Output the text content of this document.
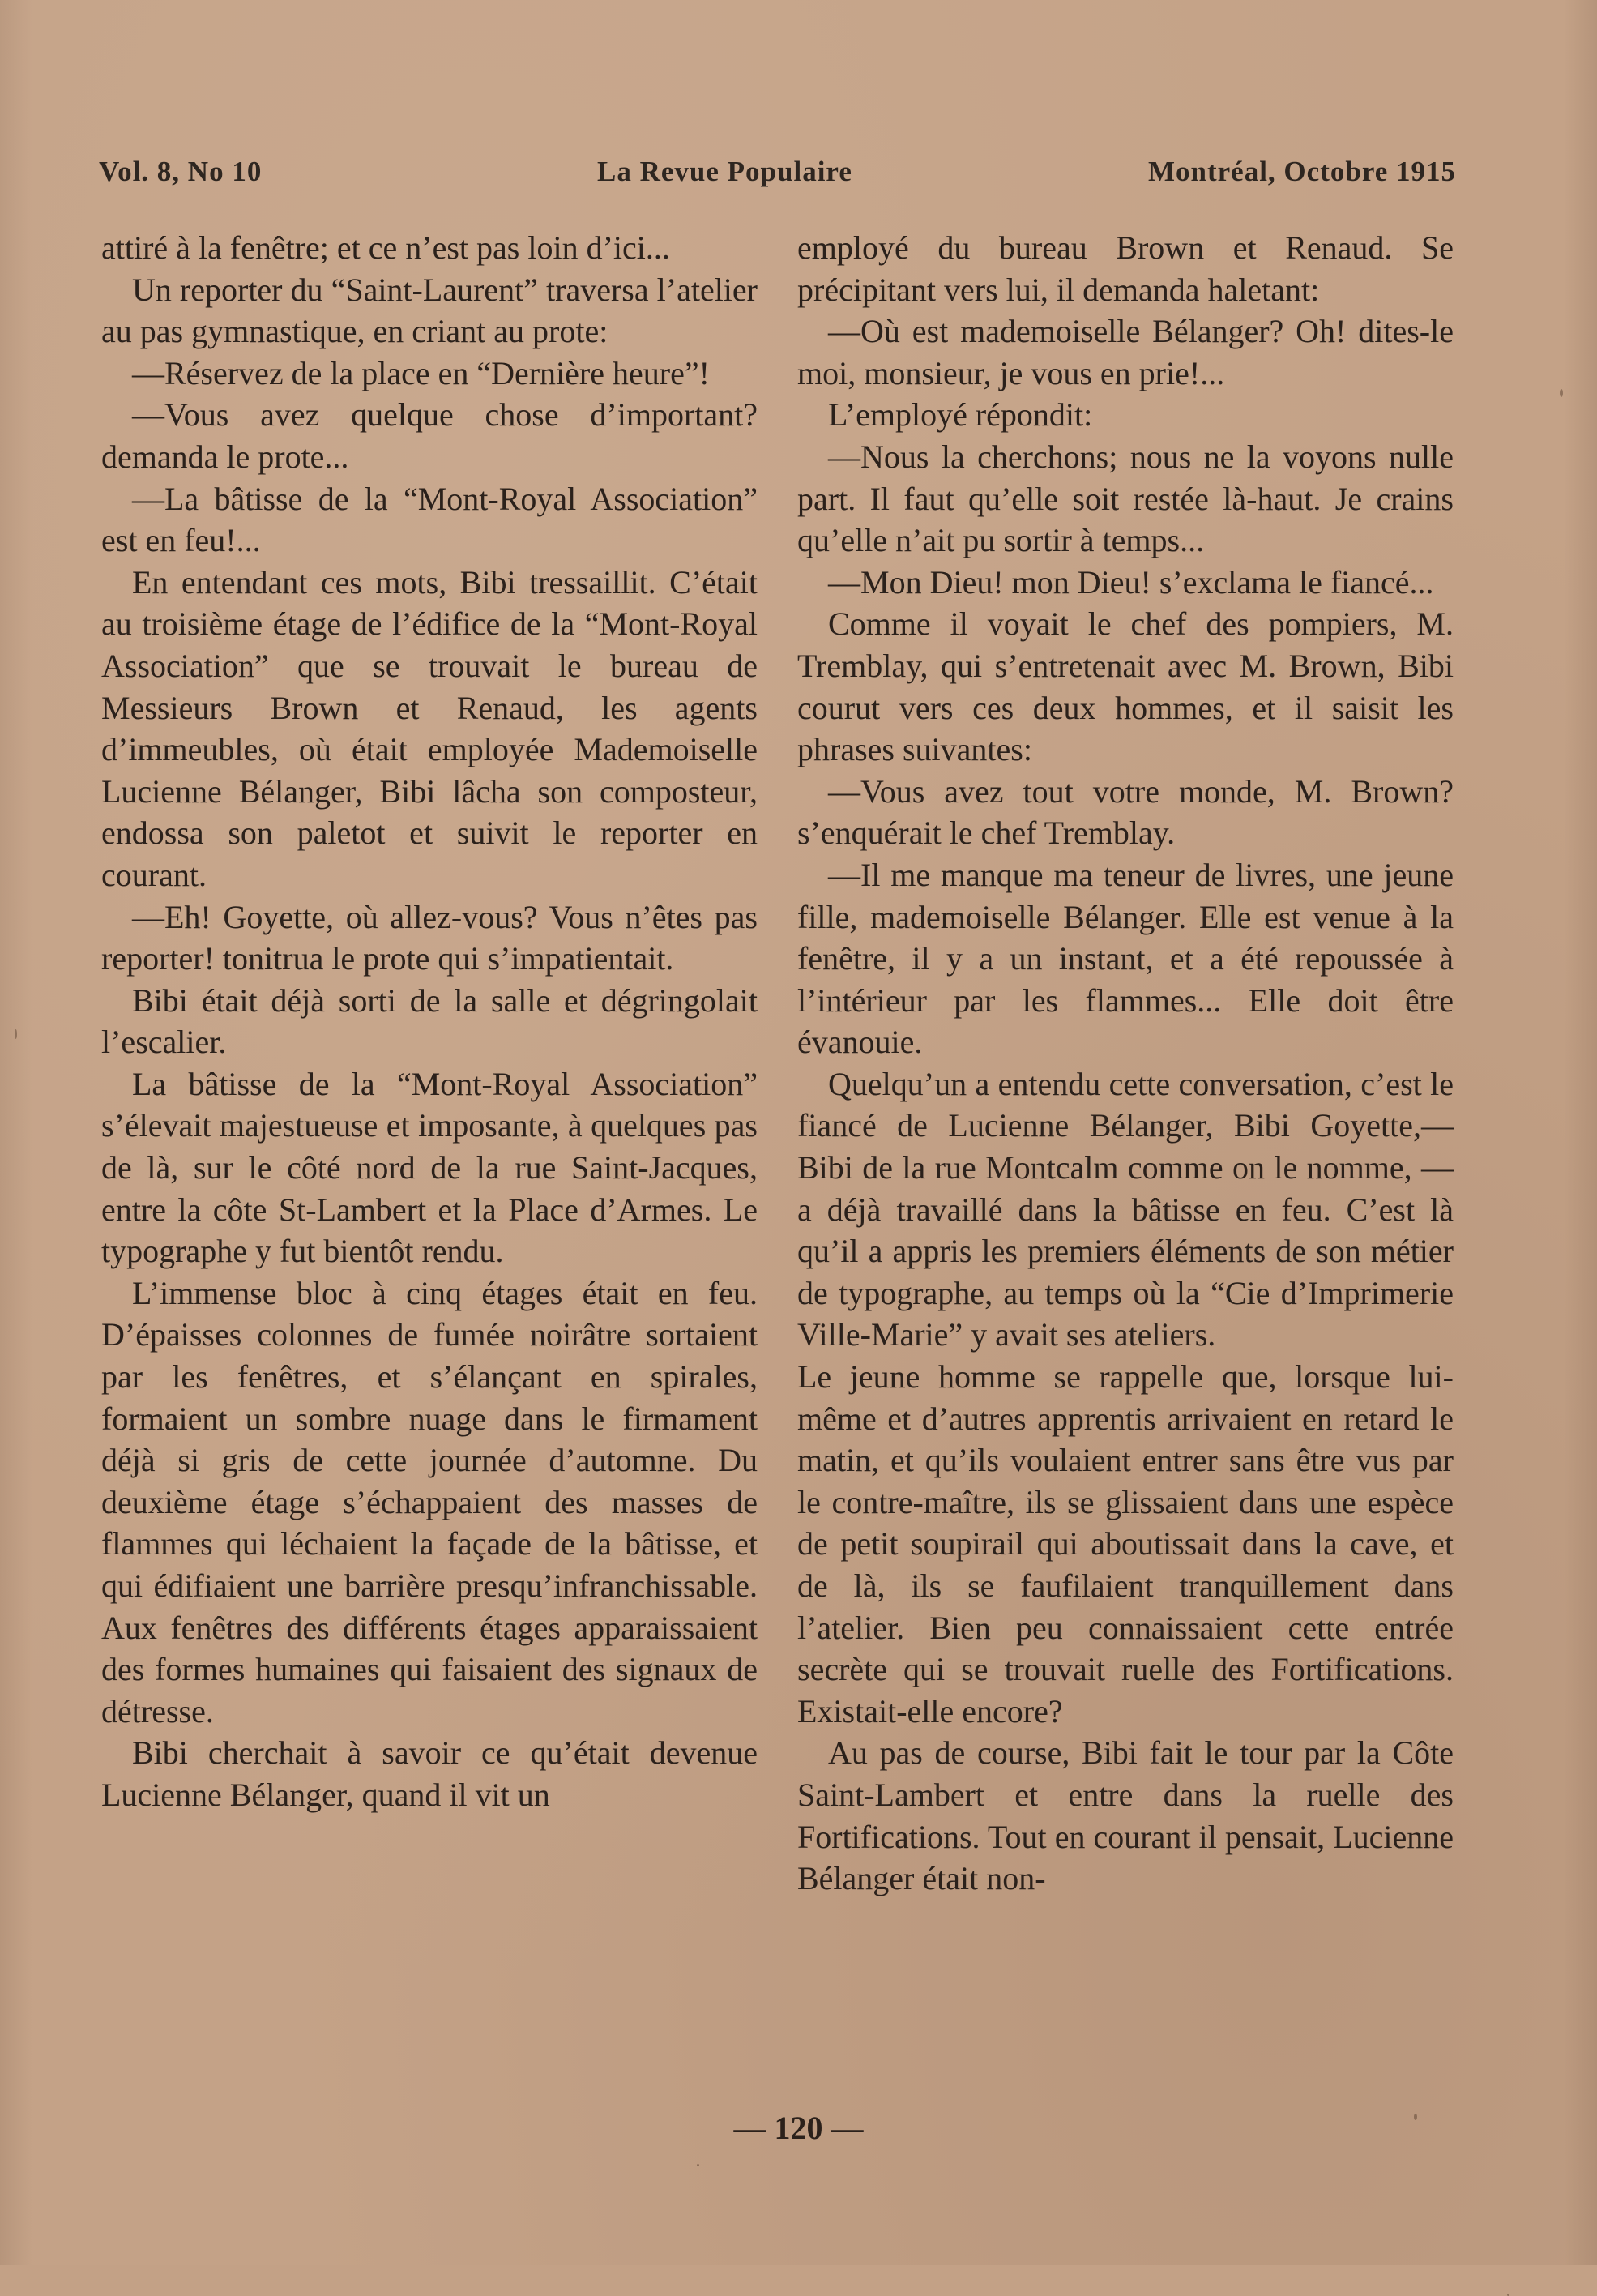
Vol. 8, No 10	La Revue Populaire	Montréal, Octobre 1915

attiré à la fenêtre; et ce n’est pas loin d’ici...

Un reporter du “Saint-Laurent” traversa l’atelier au pas gymnastique, en criant au prote:

—Réservez de la place en “Dernière heure”!

—Vous avez quelque chose d’important? demanda le prote...

—La bâtisse de la “Mont-Royal Association” est en feu!...

En entendant ces mots, Bibi tressaillit. C’était au troisième étage de l’édifice de la “Mont-Royal Association” que se trouvait le bureau de Messieurs Brown et Renaud, les agents d’immeubles, où était employée Mademoiselle Lucienne Bélanger, Bibi lâcha son composteur, endossa son paletot et suivit le reporter en courant.

—Eh! Goyette, où allez-vous? Vous n’êtes pas reporter! tonitrua le prote qui s’impatientait.

Bibi était déjà sorti de la salle et dégringolait l’escalier.

La bâtisse de la “Mont-Royal Association” s’élevait majestueuse et imposante, à quelques pas de là, sur le côté nord de la rue Saint-Jacques, entre la côte St-Lambert et la Place d’Armes. Le typographe y fut bientôt rendu.

L’immense bloc à cinq étages était en feu. D’épaisses colonnes de fumée noirâtre sortaient par les fenêtres, et s’élançant en spirales, formaient un sombre nuage dans le firmament déjà si gris de cette journée d’automne. Du deuxième étage s’échappaient des masses de flammes qui léchaient la façade de la bâtisse, et qui édifiaient une barrière presqu’infranchissable. Aux fenêtres des différents étages apparaissaient des formes humaines qui faisaient des signaux de détresse.

Bibi cherchait à savoir ce qu’était devenue Lucienne Bélanger, quand il vit un

employé du bureau Brown et Renaud. Se précipitant vers lui, il demanda haletant:

—Où est mademoiselle Bélanger? Oh! dites-le moi, monsieur, je vous en prie!...

L’employé répondit:

—Nous la cherchons; nous ne la voyons nulle part. Il faut qu’elle soit restée là-haut. Je crains qu’elle n’ait pu sortir à temps...

—Mon Dieu! mon Dieu! s’exclama le fiancé...

Comme il voyait le chef des pompiers, M. Tremblay, qui s’entretenait avec M. Brown, Bibi courut vers ces deux hommes, et il saisit les phrases suivantes:

—Vous avez tout votre monde, M. Brown? s’enquérait le chef Tremblay.

—Il me manque ma teneur de livres, une jeune fille, mademoiselle Bélanger. Elle est venue à la fenêtre, il y a un instant, et a été repoussée à l’intérieur par les flammes... Elle doit être évanouie.

Quelqu’un a entendu cette conversation, c’est le fiancé de Lucienne Bélanger, Bibi Goyette,— Bibi de la rue Montcalm comme on le nomme, — a déjà travaillé dans la bâtisse en feu. C’est là qu’il a appris les premiers éléments de son métier de typographe, au temps où la “Cie d’Imprimerie Ville-Marie” y avait ses ateliers.

Le jeune homme se rappelle que, lorsque lui-même et d’autres apprentis arrivaient en retard le matin, et qu’ils voulaient entrer sans être vus par le contre-maître, ils se glissaient dans une espèce de petit soupirail qui aboutissait dans la cave, et de là, ils se faufilaient tranquillement dans l’atelier. Bien peu connaissaient cette entrée secrète qui se trouvait ruelle des Fortifications. Existait-elle encore?

Au pas de course, Bibi fait le tour par la Côte Saint-Lambert et entre dans la ruelle des Fortifications. Tout en courant il pensait, Lucienne Bélanger était non-

— 120 —
